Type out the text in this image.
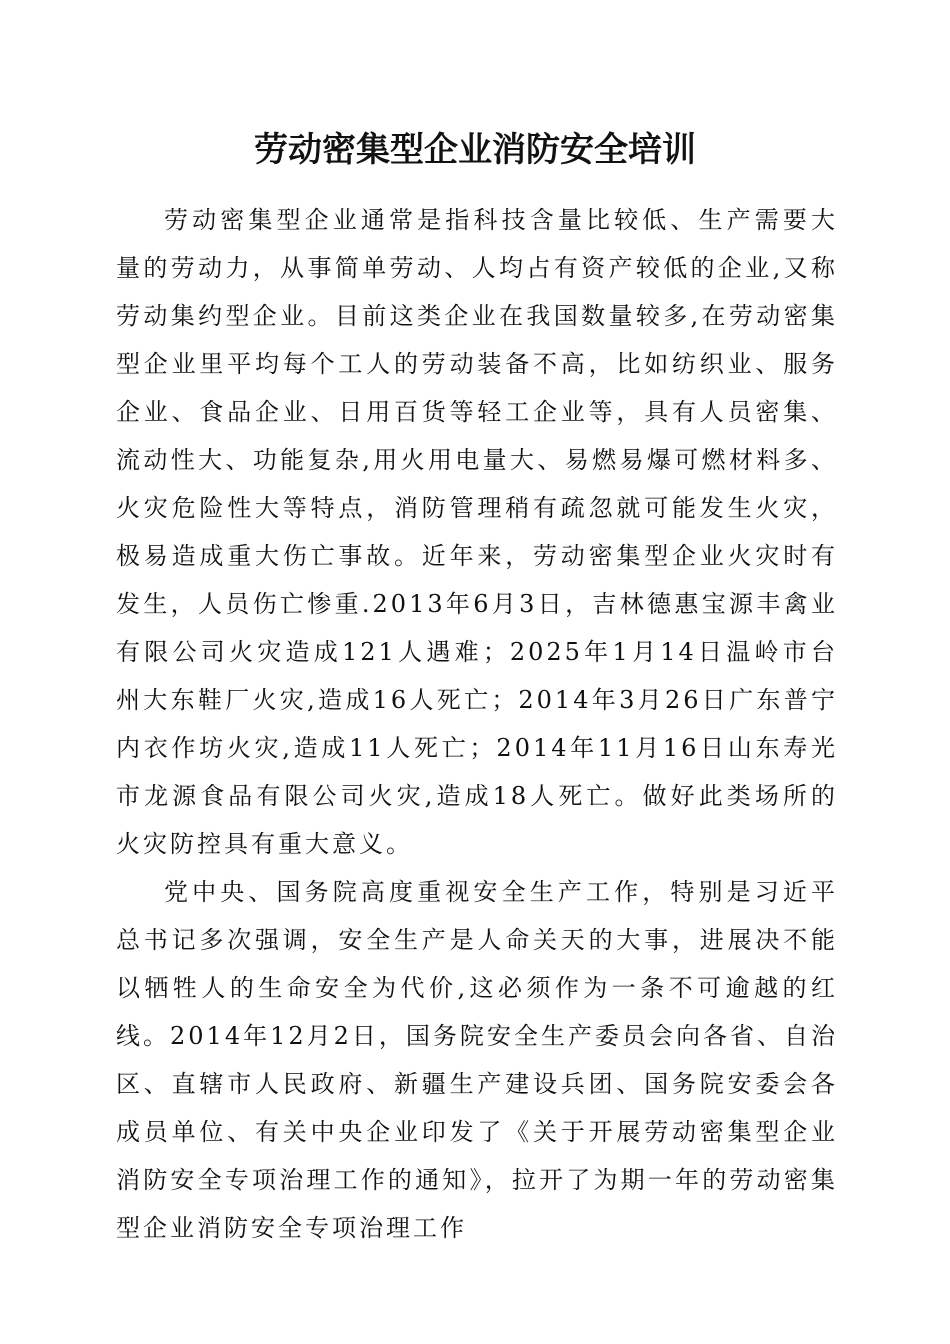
劳动密集型企业消防安全培训

劳动密集型企业通常是指科技含量比较低、生产需要大量的劳动力，从事简单劳动、人均占有资产较低的企业,又称劳动集约型企业。目前这类企业在我国数量较多,在劳动密集型企业里平均每个工人的劳动装备不高，比如纺织业、服务企业、食品企业、日用百货等轻工企业等，具有人员密集、流动性大、功能复杂,用火用电量大、易燃易爆可燃材料多、火灾危险性大等特点，消防管理稍有疏忽就可能发生火灾，极易造成重大伤亡事故。近年来，劳动密集型企业火灾时有发生，人员伤亡惨重.2013年6月3日，吉林德惠宝源丰禽业有限公司火灾造成121人遇难；2025年1月14日温岭市台州大东鞋厂火灾,造成16人死亡；2014年3月26日广东普宁内衣作坊火灾,造成11人死亡；2014年11月16日山东寿光市龙源食品有限公司火灾,造成18人死亡。做好此类场所的火灾防控具有重大意义。

党中央、国务院高度重视安全生产工作，特别是习近平总书记多次强调，安全生产是人命关天的大事，进展决不能以牺牲人的生命安全为代价,这必须作为一条不可逾越的红线。2014年12月2日，国务院安全生产委员会向各省、自治区、直辖市人民政府、新疆生产建设兵团、国务院安委会各成员单位、有关中央企业印发了《关于开展劳动密集型企业消防安全专项治理工作的通知》，拉开了为期一年的劳动密集型企业消防安全专项治理工作
